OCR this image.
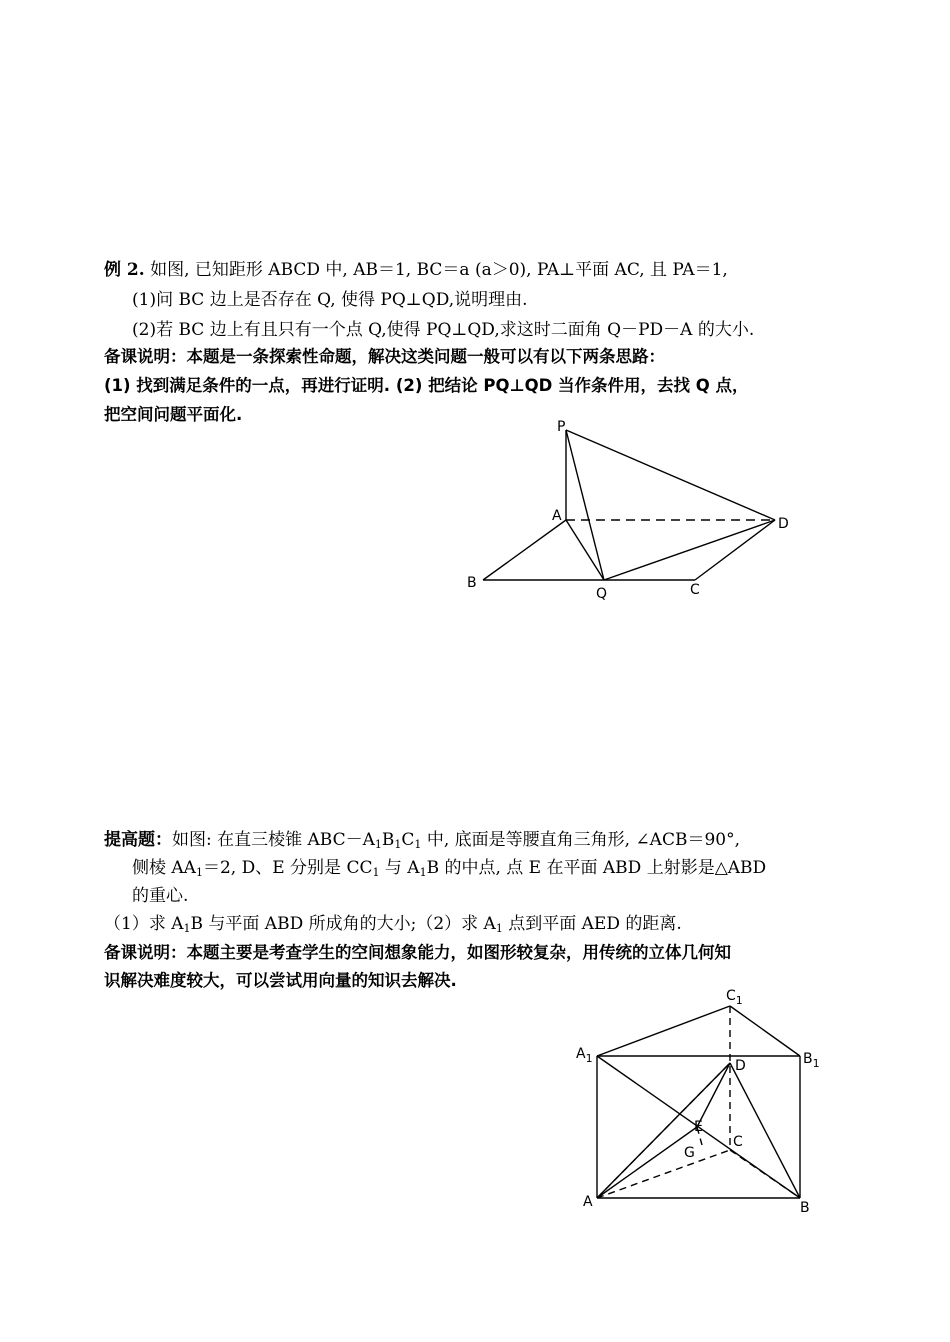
例 2. 如图, 已知距形 ABCD 中, AB＝1, BC＝a (a＞0), PA⊥平面 AC, 且 PA＝1,
(1)问 BC 边上是否存在 Q, 使得 PQ⊥QD,说明理由.
(2)若 BC 边上有且只有一个点 Q,使得 PQ⊥QD,求这时二面角 Q－PD－A 的大小.
备课说明：本题是一条探索性命题，解决这类问题一般可以有以下两条思路：
(1) 找到满足条件的一点，再进行证明. (2) 把结论 PQ⊥QD 当作条件用，去找 Q 点，
把空间问题平面化.
P
A	D
B
Q	C
提高题：如图: 在直三棱锥 $ABC-A_1B_1C_1$ 中, 底面是等腰直角三角形, ∠ACB＝90°,
侧棱 $AA_1=2$, D、E 分别是 $CC_1$ 与 $A_1B$ 的中点, 点 E 在平面 ABD 上射影是△ABD
的重心.
（1）求 $A_1B$ 与平面 ABD 所成角的大小;（2）求 $A_1$ 点到平面 AED 的距离.
备课说明：本题主要是考查学生的空间想象能力，如图形较复杂，用传统的立体几何知
识解决难度较大，可以尝试用向量的知识去解决.
$C_1$
$A_1$	$B_1$
D
E
G
C
A	B
